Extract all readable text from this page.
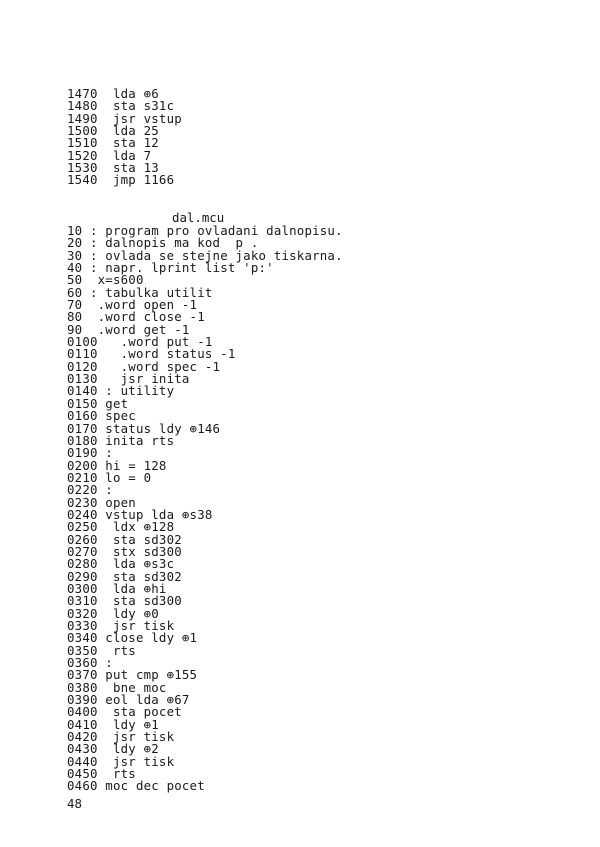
1470  lda ⊕6
1480  sta s31c
1490  jsr vstup
1500  lda 25
1510  sta 12
1520  lda 7
1530  sta 13
1540  jmp 1166
dal.mcu
10 : program pro ovladani dalnopisu.
20 : dalnopis ma kod  p .
30 : ovlada se stejne jako tiskarna.
40 : napr. lprint list 'p:'
50  x=s600
60 : tabulka utilit
70  .word open -1
80  .word close -1
90  .word get -1
0100   .word put -1
0110   .word status -1
0120   .word spec -1
0130   jsr inita
0140 : utility
0150 get
0160 spec
0170 status ldy ⊕146
0180 inita rts
0190 :
0200 hi = 128
0210 lo = 0
0220 :
0230 open
0240 vstup lda ⊕s38
0250  ldx ⊕128
0260  sta sd302
0270  stx sd300
0280  lda ⊕s3c
0290  sta sd302
0300  lda ⊕hi
0310  sta sd300
0320  ldy ⊕0
0330  jsr tisk
0340 close ldy ⊕1
0350  rts
0360 :
0370 put cmp ⊕155
0380  bne moc
0390 eol lda ⊕67
0400  sta pocet
0410  ldy ⊕1
0420  jsr tisk
0430  ldy ⊕2
0440  jsr tisk
0450  rts
0460 moc dec pocet
48
